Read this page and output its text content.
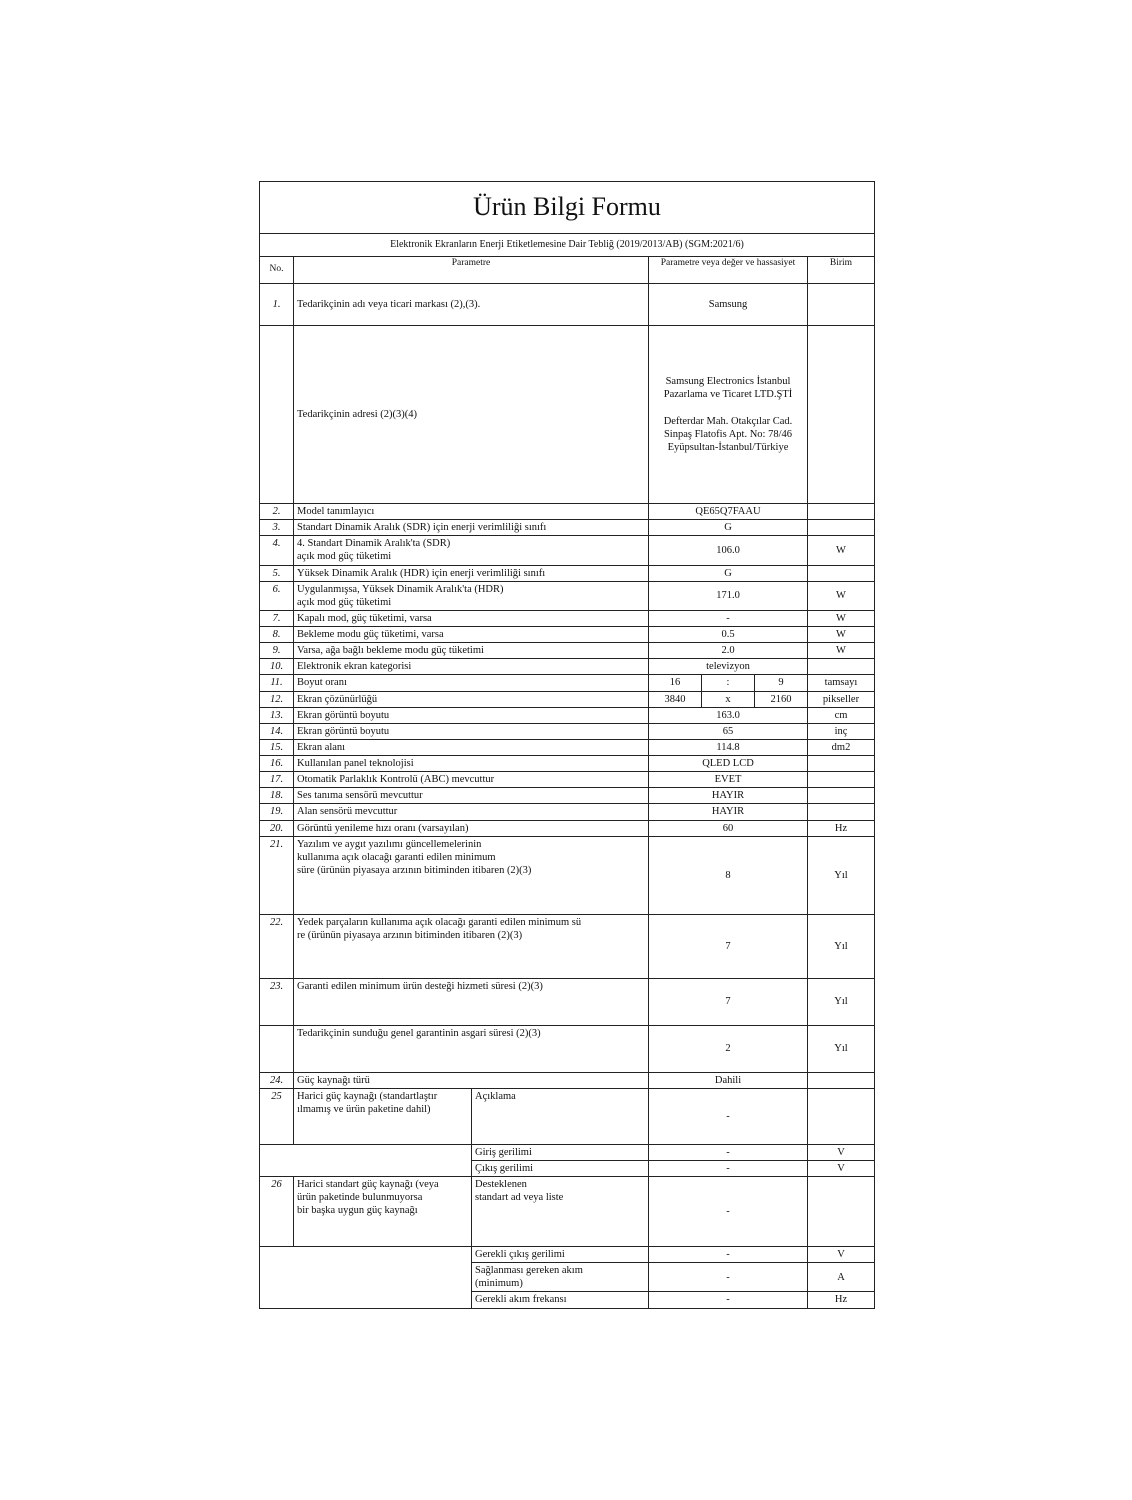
Ürün Bilgi Formu						
Elektronik Ekranların Enerji Etiketlemesine Dair Tebliğ (2019/2013/AB) (SGM:2021/6)						
No.	Parametre		Parametre veya değer ve hassasiyet			Birim
1.	Tedarikçinin adı veya ticari markası (2),(3).		Samsung			
	Tedarikçinin adresi (2)(3)(4)		Samsung Electronics İstanbul
Pazarlama ve Ticaret LTD.ŞTİ

Defterdar Mah. Otakçılar Cad.
Sinpaş Flatofis Apt. No: 78/46
Eyüpsultan-İstanbul/Türkiye			
2.	Model tanımlayıcı		QE65Q7FAAU			
3.	Standart Dinamik Aralık (SDR) için enerji verimliliği sınıfı		G			
4.	4. Standart Dinamik Aralık'ta (SDR)
açık mod güç tüketimi		106.0			W
5.	Yüksek Dinamik Aralık (HDR) için enerji verimliliği sınıfı		G			
6.	Uygulanmışsa, Yüksek Dinamik Aralık'ta (HDR)
açık mod güç tüketimi		171.0			W
7.	Kapalı mod, güç tüketimi, varsa		-			W
8.	Bekleme modu güç tüketimi, varsa		0.5			W
9.	Varsa, ağa bağlı bekleme modu güç tüketimi		2.0			W
10.	Elektronik ekran kategorisi		televizyon			
11.	Boyut oranı		16	:	9	tamsayı
12.	Ekran çözünürlüğü		3840	x	2160	pikseller
13.	Ekran görüntü boyutu		163.0			cm
14.	Ekran görüntü boyutu		65			inç
15.	Ekran alanı		114.8			dm2
16.	Kullanılan panel teknolojisi		QLED LCD			
17.	Otomatik Parlaklık Kontrolü (ABC) mevcuttur		EVET			
18.	Ses tanıma sensörü mevcuttur		HAYIR			
19.	Alan sensörü mevcuttur		HAYIR			
20.	Görüntü yenileme hızı oranı (varsayılan)		60			Hz
21.	Yazılım ve aygıt yazılımı güncellemelerinin
kullanıma açık olacağı garanti edilen minimum
süre (ürünün piyasaya arzının bitiminden itibaren (2)(3)		8			Yıl
22.	Yedek parçaların kullanıma açık olacağı garanti edilen minimum sü
re (ürünün piyasaya arzının bitiminden itibaren (2)(3)		7			Yıl
23.	Garanti edilen minimum ürün desteği hizmeti süresi (2)(3)		7			Yıl
	Tedarikçinin sunduğu genel garantinin asgari süresi (2)(3)		2			Yıl
24.	Güç kaynağı türü		Dahili			
25	Harici güç kaynağı (standartlaştır
ılmamış ve ürün paketine dahil)	Açıklama	-			
		Giriş gerilimi	-			V
		Çıkış gerilimi	-			V
26	Harici standart güç kaynağı (veya
ürün paketinde bulunmuyorsa
bir başka uygun güç kaynağı	Desteklenen
standart ad veya liste	-			
		Gerekli çıkış gerilimi	-			V
		Sağlanması gereken akım
(minimum)	-			A
		Gerekli akım frekansı	-			Hz
